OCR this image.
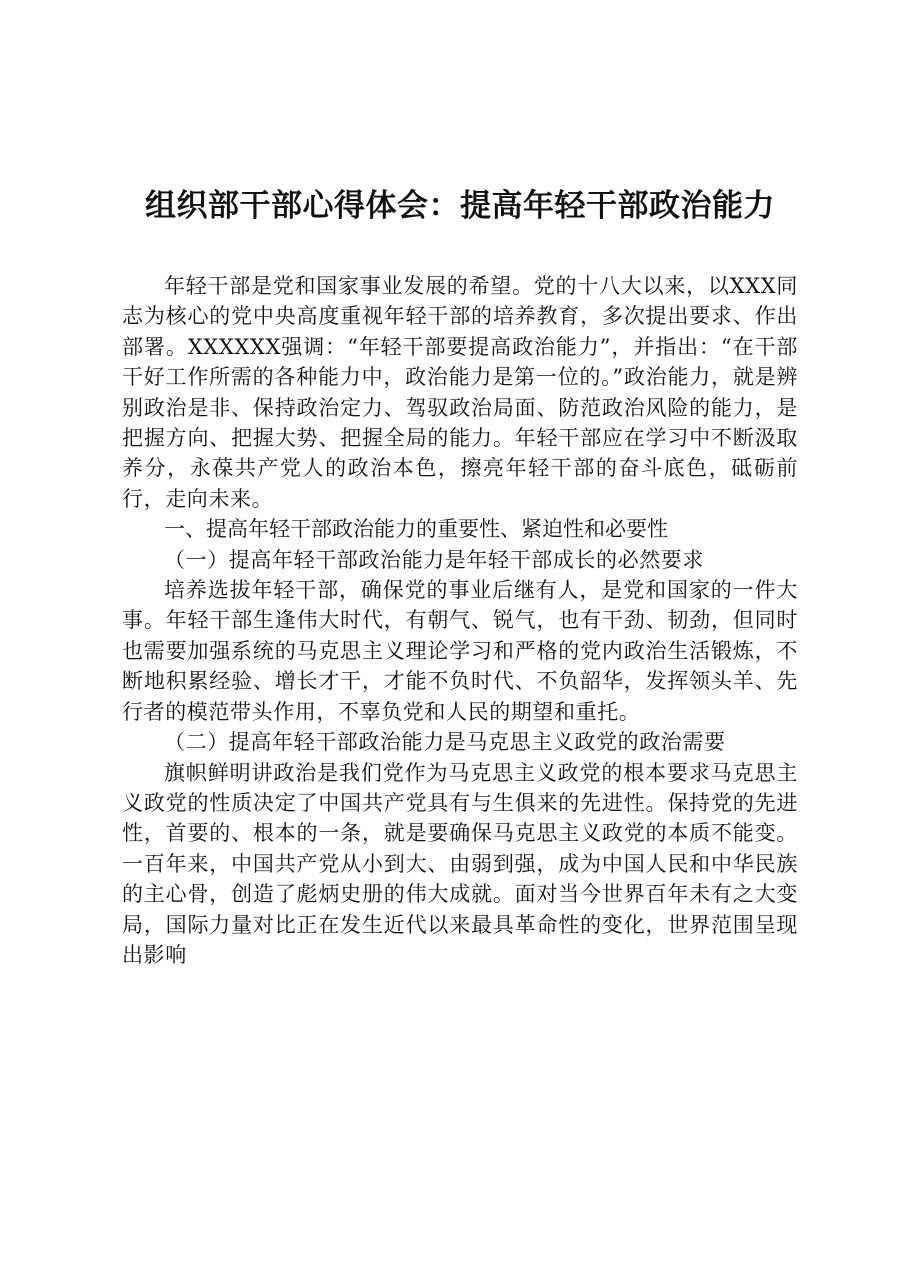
组织部干部心得体会：提高年轻干部政治能力

年轻干部是党和国家事业发展的希望。党的十八大以来，以XXX同志为核心的党中央高度重视年轻干部的培养教育，多次提出要求、作出部署。XXXXXX强调：“年轻干部要提高政治能力”，并指出：“在干部干好工作所需的各种能力中，政治能力是第一位的。”政治能力，就是辨别政治是非、保持政治定力、驾驭政治局面、防范政治风险的能力，是把握方向、把握大势、把握全局的能力。年轻干部应在学习中不断汲取养分，永葆共产党人的政治本色，擦亮年轻干部的奋斗底色，砥砺前行，走向未来。

一、提高年轻干部政治能力的重要性、紧迫性和必要性

（一）提高年轻干部政治能力是年轻干部成长的必然要求

培养选拔年轻干部，确保党的事业后继有人，是党和国家的一件大事。年轻干部生逢伟大时代，有朝气、锐气，也有干劲、韧劲，但同时也需要加强系统的马克思主义理论学习和严格的党内政治生活锻炼，不断地积累经验、增长才干，才能不负时代、不负韶华，发挥领头羊、先行者的模范带头作用，不辜负党和人民的期望和重托。

（二）提高年轻干部政治能力是马克思主义政党的政治需要

旗帜鲜明讲政治是我们党作为马克思主义政党的根本要求马克思主义政党的性质决定了中国共产党具有与生俱来的先进性。保持党的先进性，首要的、根本的一条，就是要确保马克思主义政党的本质不能变。一百年来，中国共产党从小到大、由弱到强，成为中国人民和中华民族的主心骨，创造了彪炳史册的伟大成就。面对当今世界百年未有之大变局，国际力量对比正在发生近代以来最具革命性的变化，世界范围呈现出影响
